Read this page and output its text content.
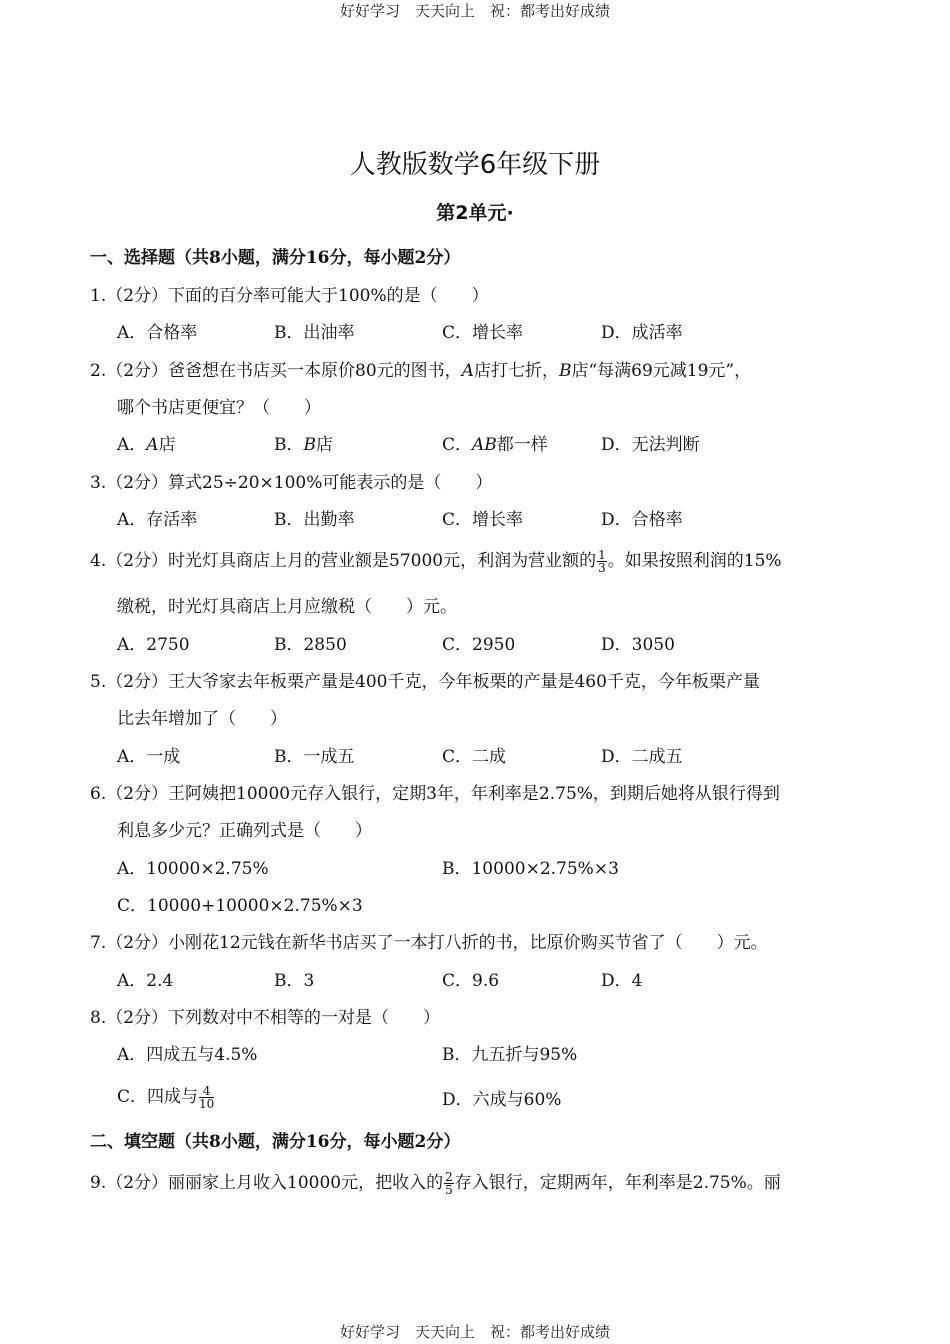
好好学习　天天向上　祝：都考出好成绩
人教版数学6年级下册
第2单元·
一、选择题（共8小题，满分16分，每小题2分）
1.（2分）下面的百分率可能大于100%的是（　　）
A．合格率	B．出油率	C．增长率	D．成活率
2.（2分）爸爸想在书店买一本原价80元的图书，A店打七折，B店“每满69元减19元”，
哪个书店更便宜？（　　）
A．A店	B．B店	C．AB都一样	D．无法判断
3.（2分）算式25÷20×100%可能表示的是（　　）
A．存活率	B．出勤率	C．增长率	D．合格率
4.（2分）时光灯具商店上月的营业额是57000元，利润为营业额的 $\frac{1}{3}$ 。如果按照利润的15%
缴税，时光灯具商店上月应缴税（　　）元。
A．2750	B．2850	C．2950	D．3050
5.（2分）王大爷家去年板栗产量是400千克，今年板栗的产量是460千克，今年板栗产量
比去年增加了（　　）
A．一成	B．一成五	C．二成	D．二成五
6.（2分）王阿姨把10000元存入银行，定期3年，年利率是2.75%，到期后她将从银行得到
利息多少元？正确列式是（　　）
A．10000×2.75%	B．10000×2.75%×3
C．10000+10000×2.75%×3
7.（2分）小刚花12元钱在新华书店买了一本打八折的书，比原价购买节省了（　　）元。
A．2.4	B．3	C．9.6	D．4
8.（2分）下列数对中不相等的一对是（　　）
A．四成五与4.5%	B．九五折与95%
C．四成与 $\frac{4}{10}$	D．六成与60%
二、填空题（共8小题，满分16分，每小题2分）
9.（2分）丽丽家上月收入10000元，把收入的 $\frac{2}{5}$ 存入银行，定期两年，年利率是2.75%。丽
好好学习　天天向上　祝：都考出好成绩
